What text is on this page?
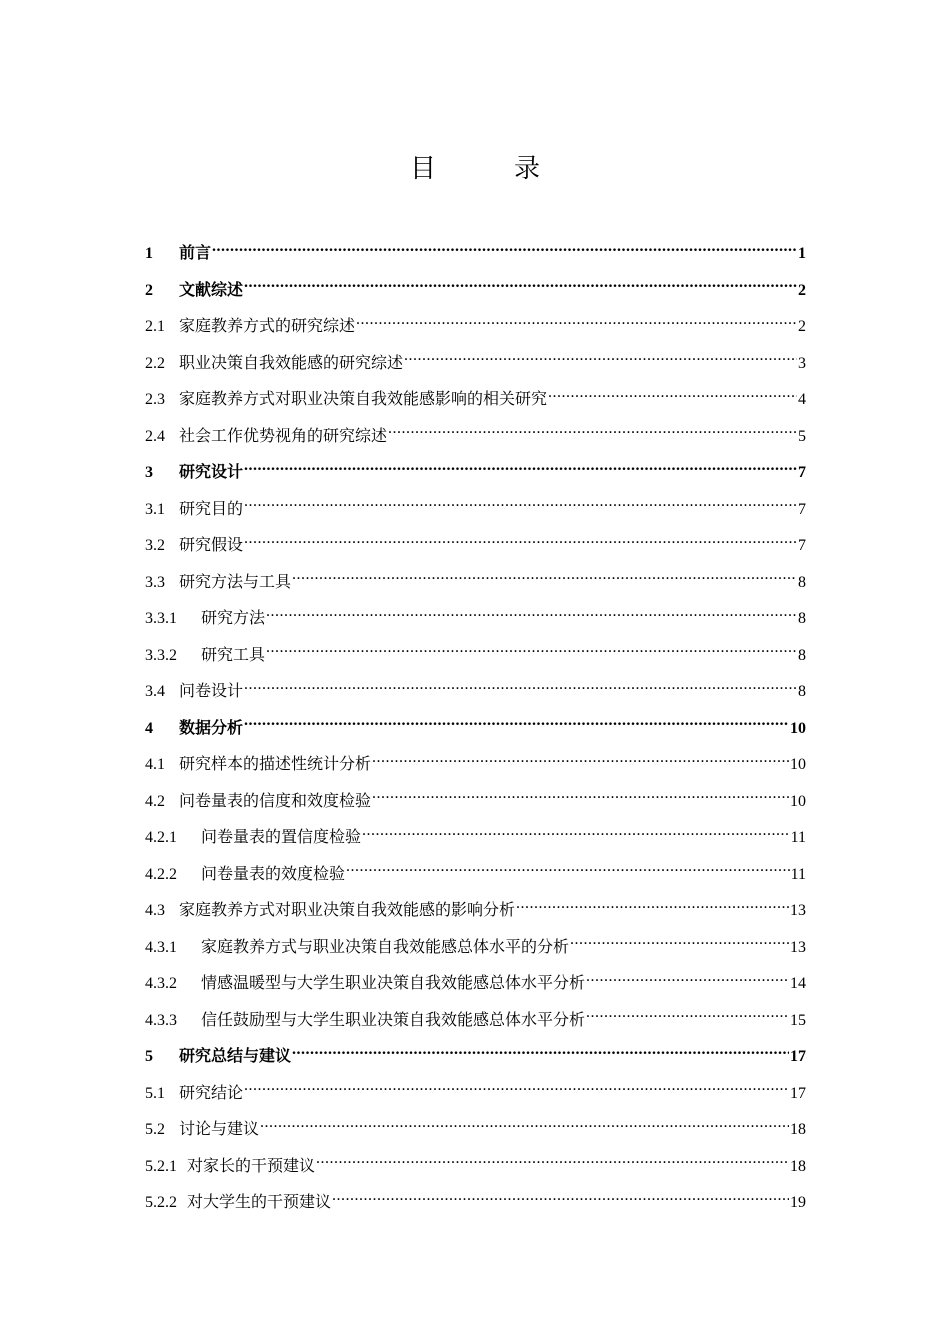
目　录
1	前言 .....	1
2	文献综述 .....	2
2.1 家庭教养方式的研究综述 .....	2
2.2 职业决策自我效能感的研究综述 .....	3
2.3 家庭教养方式对职业决策自我效能感影响的相关研究 .....	4
2.4 社会工作优势视角的研究综述 .....	5
3	研究设计 .....	7
3.1 研究目的 .....	7
3.2 研究假设 .....	7
3.3 研究方法与工具 .....	8
3.3.1	研究方法 .....	8
3.3.2	研究工具 .....	8
3.4 问卷设计 .....	8
4	数据分析 .....	10
4.1 研究样本的描述性统计分析 .....	10
4.2 问卷量表的信度和效度检验 .....	10
4.2.1	问卷量表的置信度检验 .....	11
4.2.2	问卷量表的效度检验 .....	11
4.3 家庭教养方式对职业决策自我效能感的影响分析 .....	13
4.3.1	家庭教养方式与职业决策自我效能感总体水平的分析 .....	13
4.3.2	情感温暖型与大学生职业决策自我效能感总体水平分析 .....	14
4.3.3	信任鼓励型与大学生职业决策自我效能感总体水平分析 .....	15
5	研究总结与建议 .....	17
5.1 研究结论 .....	17
5.2 讨论与建议 .....	18
5.2.1 对家长的干预建议 .....	18
5.2.2 对大学生的干预建议 .....	19
